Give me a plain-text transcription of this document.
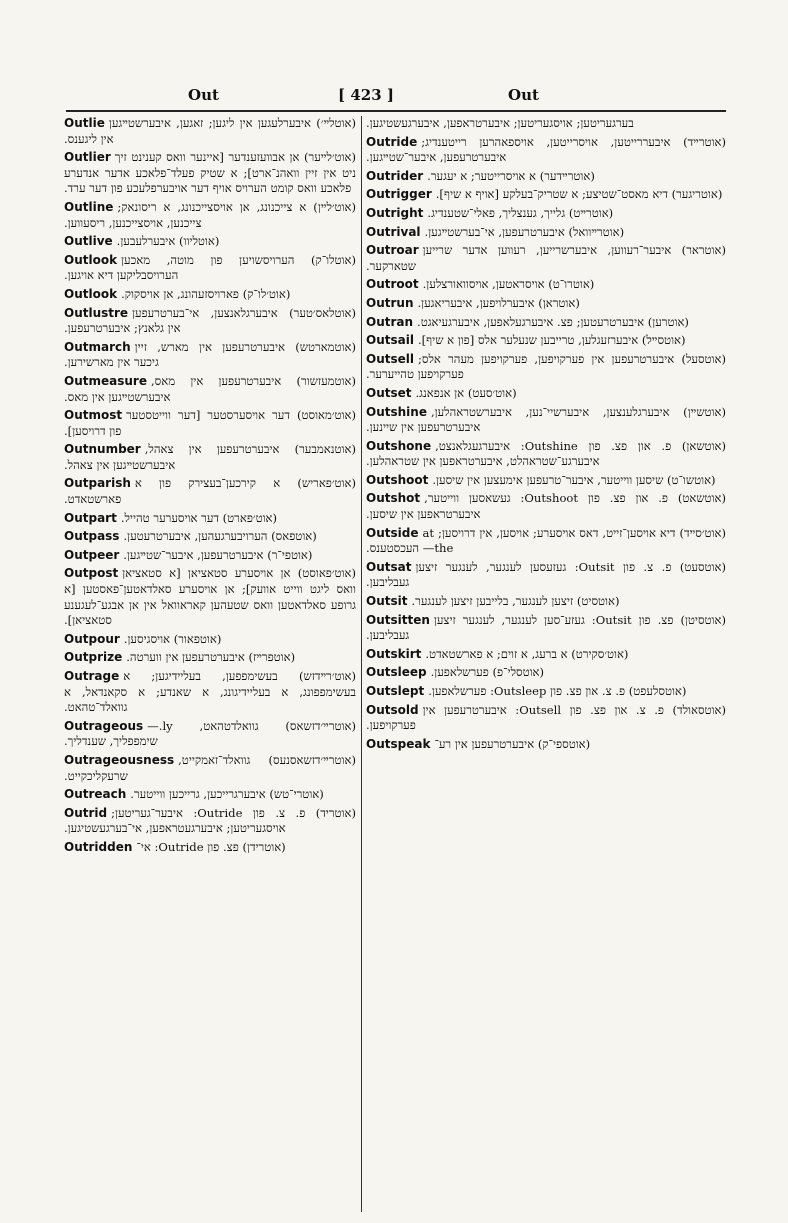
Out	[ 423 ]	Out

Outlie (אוטלײ׳) איבערלעגען אין ליגען; זאגען, איבערשטײגען אין ליגענס.

Outlier (אוט׳לײער) אן אבוועזענדער [איינער וואס קענינט זיך ניט אין זיין וואהנ־ארט]; א שטיק פעלד־פלאכע אדער אנדערע פלאכע וואס קומט הערויס אויף דער אויבערפלעכע פון דער ערד.

Outline (אוט׳לײן) א צייכנונג, אן אויסצייכנונג, א ריסונאק; צייכנען, אויסצייכנען, ריסעווען.

Outlive (אוטליוו) איבערלעבען.

Outlook (אוטלו־ק) הערויסשויען פון מוטה, מאכען הערויסבליקען דיא אויגען.

Outlook (אוט׳לו־ק) פארויסזעהונג, אן אויסקוק.

Outlustre (אוטלאס׳טער) איבערגלאנצען, אי־בערטרעפען אין גלאנץ; איבערטרעפען.

Outmarch (אוטמארטש) איבערטרעפען אין מארש, זיין גיכער אין מארשירען.

Outmeasure (אוטמעזשור) איבערטרעפען אין מאס, איבערשטײגען אין מאס.

Outmost (אוט׳מאוסט) דער אויסערסטער [דער ווייטסטער פון דרויסען].

Outnumber (אוטנאמבער) איבערטרעפען אין צאהל, איבערשטײגען אין צאהל.

Outparish (אוט׳פאריש) א קירכען־בעצירק פון א פארשטאדט.

Outpart (אוט׳פארט) דער אויסערער טהייל.

Outpass (אוטפאס) הערויבערגעהען, איבערטרעטען.

Outpeer (אוטפי־ר) איבערטרעפען, איבער־שטײגען.

Outpost (אוט׳פאוסט) אן אויסערע סטאציאן [א סטאציאן וואס ליגט ווייט אוועק]; אן אויסערע סאלדאטען־פאסטען [א גרופע סאלדאטען וואס שטעהען קאראוואל אין אן אבגע־לעגענע סטאציאן].

Outpour (אוטפאור) אויסגיסען.

Outprize (אוטפרײז) איבערטרעפען אין ווערטה.

Outrage (אוט׳רײדזש) בעשימפפען, בעליידיגען; א בעשימפפונג, א בעליידיגונג, א שאנדע; א סקאנדאל, א גוואלד־טהאט.

Outrageous (אוטרײ׳דזשאס) גוואלדטהאט, ly.— שימפפליך, שענדליך.

Outrageousness (אוטרײ׳דזשאסנעס) גוואלד־זאמקייט, שרעקליכקייט.

Outreach (אוטרי־טש) איבערגרייכען, גרייכען ווייטער.

Outrid (אוטריד) פ. צ. פון Outride: איבער־געריטען; אויסגעריטען; איבערגעטראפען, אי־בערגעשטיגען.

Outridden (אוטרידן) פצ. פון Outride: אי־

בערגעריטען; אויסגעריטען; איבערטראפען, איבערגעשטיגען.

Outride (אוטרײד) איבעררייטען, אויסרייטען, אויספאהרען רייטענדיג; איבערטרעפען, איבער־שטײגען.

Outrider (אוטרײדער) א אויסרייטער; א יעגער.

Outrigger (אוטריגער) דיא מאסט־שטיצע; א שטריק־בעלקע [אויף א שיף].

Outright (אוטרײט) גלייך, גענצליך, פאלי־שטענדיג.

Outrival (אוטרײוואל) איבערטרעפען, אי־בערשטײגען.

Outroar (אוטראר) איבער־רעווען, איבערשרייען, רעווען אדער שרייען שטארקער.

Outroot (אוטרו־ט) אויסראטען, אויסוואורצלען.

Outrun (אוטראן) איבערלויפען, איבעריאגען.

Outran (אוטרען) איבערטרעטען; פצ. איבערגעלאפען, איבערגעיאגט.

Outsail (אוטסײל) איבערזעגלען, טרייבען שנעלער אלס [פון א שיף].

Outsell (אוטסעל) איבערטרעפען אין פערקויפען, פערקויפען מעהר אלס; פערקויפען טהייערער.

Outset (אוט׳סעט) אן אנפאנג.

Outshine (אוטשײן) איבערגלענצען, איבערשיי־נען, איבערשטראהלען, איבערטרעפען אין שיינען.

Outshone (אוטשאן) פ. און פצ. פון Outshine: איבערגעגלאנצט, איבערגע־שטראהלט, איבערטראפען אין שטראהלען.

Outshoot (אוטשו־ט) שיסען ווייטער, איבער־טרעפען אימעצען אין שיסען.

Outshot (אוטשאט) פ. און פצ. פון Outshoot: געשאסען ווייטער, איבערטראפען אין שיסען.

Outside (אוט׳סײד) דיא אויסען־זייט, דאס אויסערע; אויסען, אין דרויסען; at the— העכסטענס.

Outsat (אוטסעט) פ. צ. פון Outsit: געזעסען לענגער, לענגער זיצען געבליבען.

Outsit (אוטסיט) זיצען לענגער, בלייבען זיצען לענגער.

Outsitten (אוטסיטן) פצ. פון Outsit: געזע־סען לענגער, לענגער זיצען געבליבען.

Outskirt (אוט׳סקירט) א ברעג, א זוים; א פארשטאדט.

Outsleep (אוטסלי־פ) פערשלאפען.

Outslept (אוטסלעפט) פ. צ. און פצ. פון Outsleep: פערשלאפען.

Outsold (אוטסאולד) פ. צ. און פצ. פון Outsell: איבערטרעפען אין פערקויפען.

Outspeak (אוטספי־ק) איבערטרעפען אין רע־
